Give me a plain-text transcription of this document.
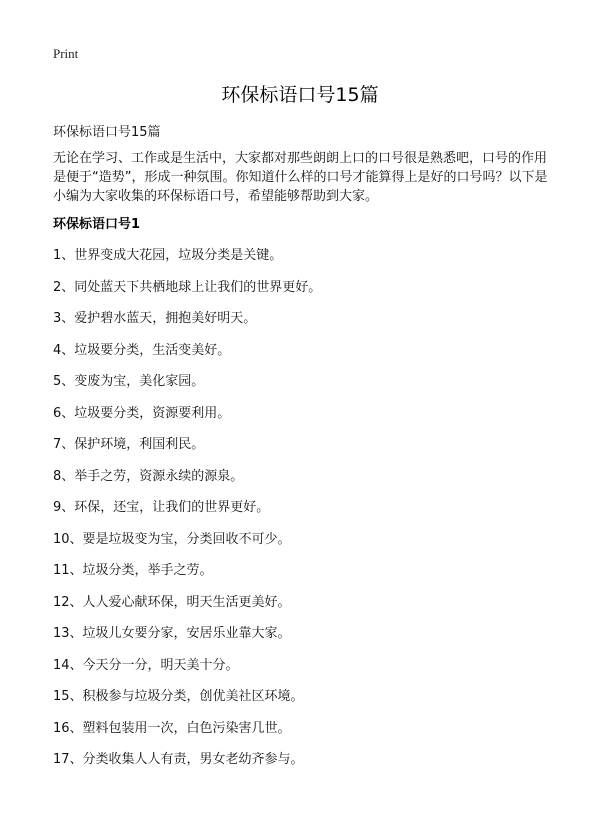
Print
环保标语口号15篇
环保标语口号15篇

无论在学习、工作或是生活中，大家都对那些朗朗上口的口号很是熟悉吧，口号的作用是便于“造势”，形成一种氛围。你知道什么样的口号才能算得上是好的口号吗？以下是小编为大家收集的环保标语口号，希望能够帮助到大家。

环保标语口号1
1、世界变成大花园，垃圾分类是关键。
2、同处蓝天下共栖地球上让我们的世界更好。
3、爱护碧水蓝天，拥抱美好明天。
4、垃圾要分类，生活变美好。
5、变废为宝，美化家园。
6、垃圾要分类，资源要利用。
7、保护环境，利国利民。
8、举手之劳，资源永续的源泉。
9、环保，还宝，让我们的世界更好。
10、要是垃圾变为宝，分类回收不可少。
11、垃圾分类，举手之劳。
12、人人爱心献环保，明天生活更美好。
13、垃圾儿女要分家，安居乐业靠大家。
14、今天分一分，明天美十分。
15、积极参与垃圾分类，创优美社区环境。
16、塑料包装用一次，白色污染害几世。
17、分类收集人人有责，男女老幼齐参与。
